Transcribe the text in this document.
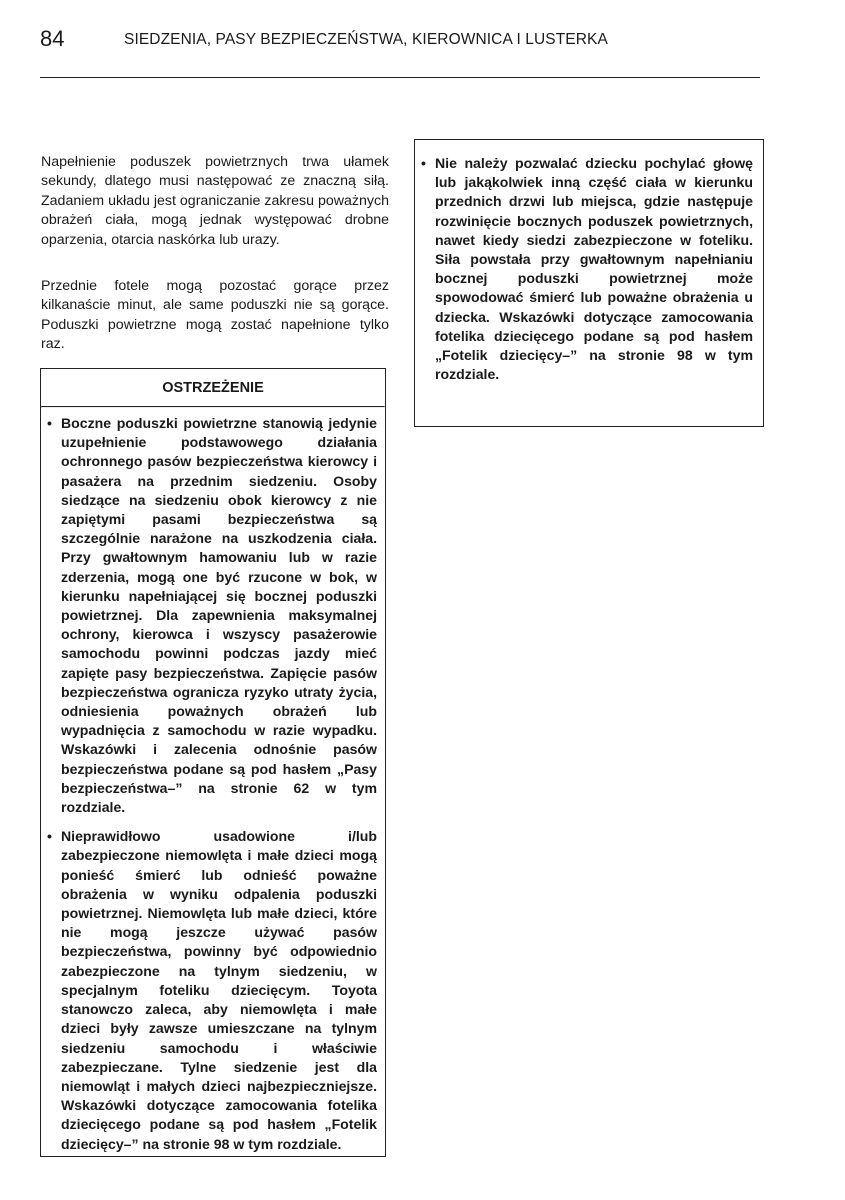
84	SIEDZENIA, PASY BEZPIECZEŃSTWA, KIEROWNICA I LUSTERKA

Napełnienie poduszek powietrznych trwa ułamek sekundy, dlatego musi następować ze znaczną siłą. Zadaniem układu jest ograniczanie zakresu poważnych obrażeń ciała, mogą jednak występować drobne oparzenia, otarcia naskórka lub urazy.

Przednie fotele mogą pozostać gorące przez kilkanaście minut, ale same poduszki nie są gorące. Poduszki powietrzne mogą zostać napełnione tylko raz.

OSTRZEŻENIE
• Boczne poduszki powietrzne stanowią jedynie uzupełnienie podstawowego działania ochronnego pasów bezpieczeństwa kierowcy i pasażera na przednim siedzeniu. Osoby siedzące na siedzeniu obok kierowcy z nie zapiętymi pasami bezpieczeństwa są szczególnie narażone na uszkodzenia ciała. Przy gwałtownym hamowaniu lub w razie zderzenia, mogą one być rzucone w bok, w kierunku napełniającej się bocznej poduszki powietrznej. Dla zapewnienia maksymalnej ochrony, kierowca i wszyscy pasażerowie samochodu powinni podczas jazdy mieć zapięte pasy bezpieczeństwa. Zapięcie pasów bezpieczeństwa ogranicza ryzyko utraty życia, odniesienia poważnych obrażeń lub wypadnięcia z samochodu w razie wypadku. Wskazówki i zalecenia odnośnie pasów bezpieczeństwa podane są pod hasłem „Pasy bezpieczeństwa–” na stronie 62 w tym rozdziale.
• Nieprawidłowo usadowione i/lub zabezpieczone niemowlęta i małe dzieci mogą ponieść śmierć lub odnieść poważne obrażenia w wyniku odpalenia poduszki powietrznej. Niemowlęta lub małe dzieci, które nie mogą jeszcze używać pasów bezpieczeństwa, powinny być odpowiednio zabezpieczone na tylnym siedzeniu, w specjalnym foteliku dziecięcym. Toyota stanowczo zaleca, aby niemowlęta i małe dzieci były zawsze umieszczane na tylnym siedzeniu samochodu i właściwie zabezpieczane. Tylne siedzenie jest dla niemowląt i małych dzieci najbezpieczniejsze. Wskazówki dotyczące zamocowania fotelika dziecięcego podane są pod hasłem „Fotelik dziecięcy–” na stronie 98 w tym rozdziale.
• Nie należy pozwalać dziecku pochylać głowę lub jakąkolwiek inną część ciała w kierunku przednich drzwi lub miejsca, gdzie następuje rozwinięcie bocznych poduszek powietrznych, nawet kiedy siedzi zabezpieczone w foteliku. Siła powstała przy gwałtownym napełnianiu bocznej poduszki powietrznej może spowodować śmierć lub poważne obrażenia u dziecka. Wskazówki dotyczące zamocowania fotelika dziecięcego podane są pod hasłem „Fotelik dziecięcy–” na stronie 98 w tym rozdziale.
